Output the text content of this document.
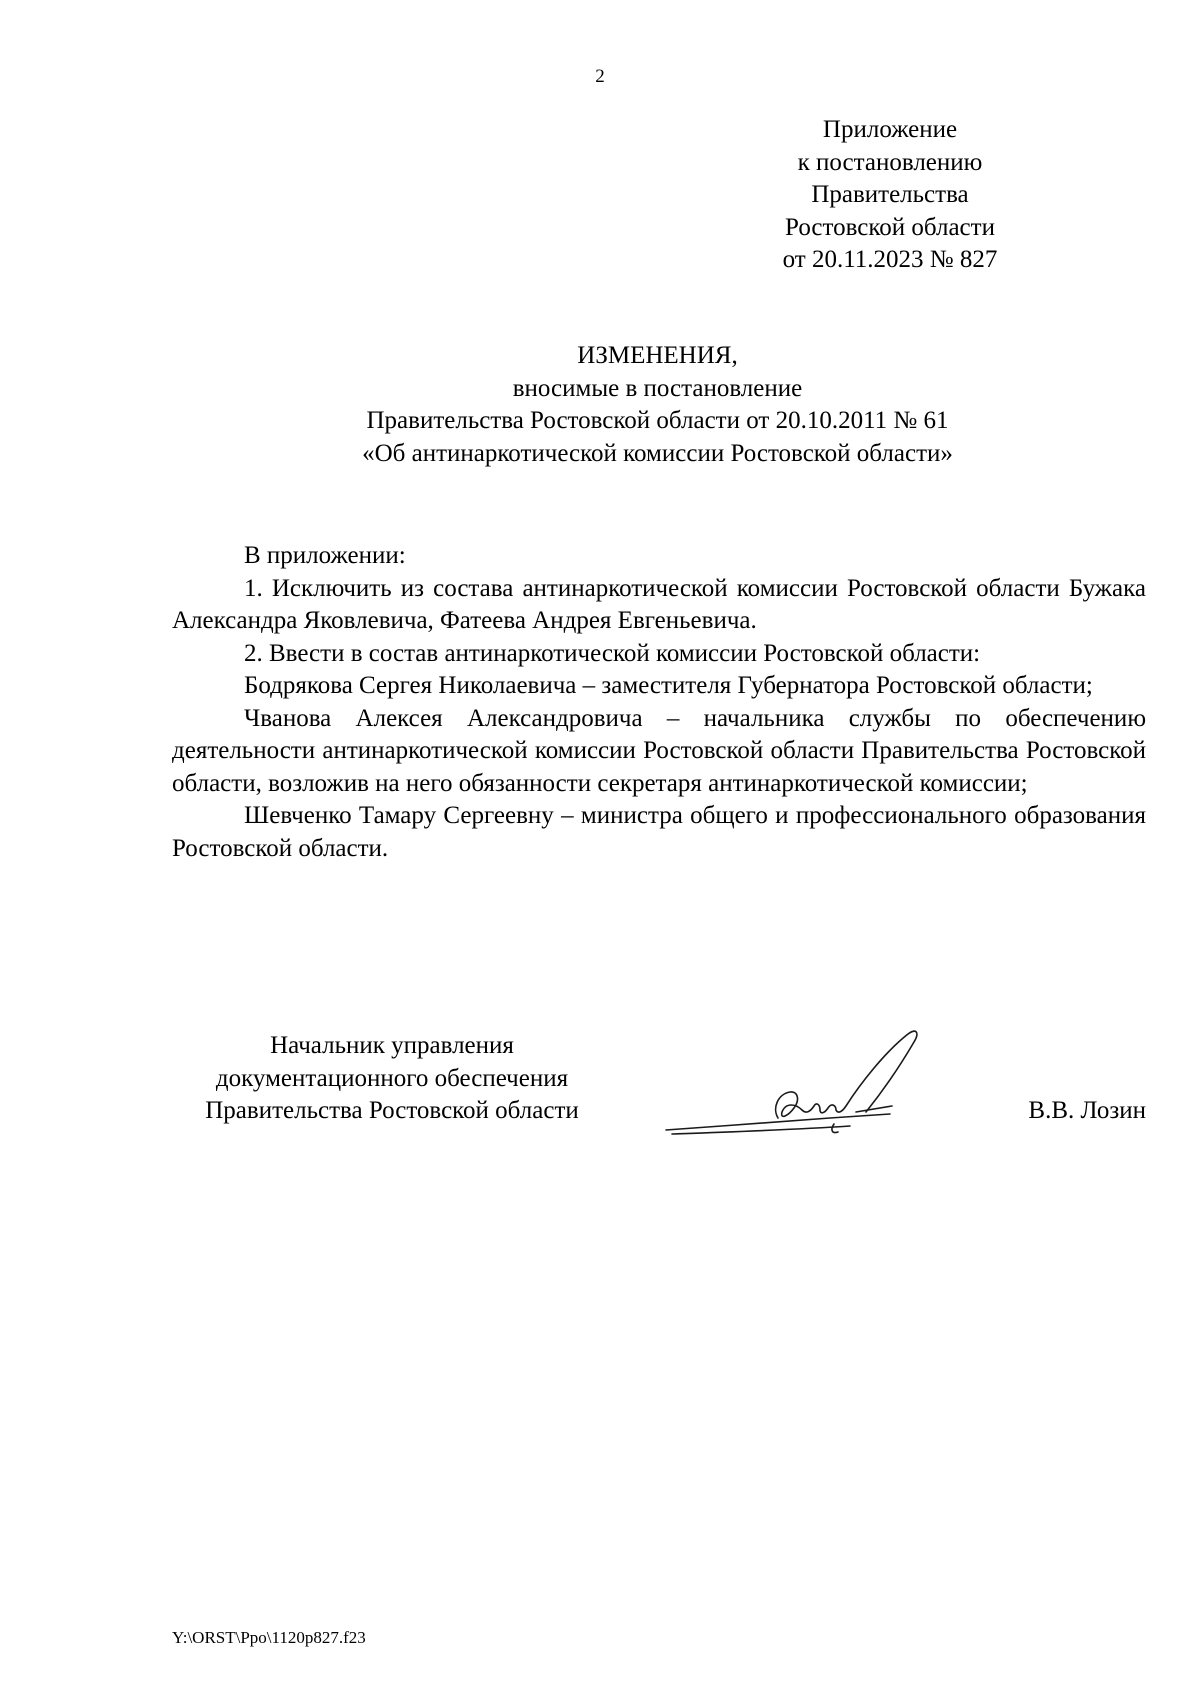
2
Приложение
к постановлению
Правительства
Ростовской области
от 20.11.2023 № 827
ИЗМЕНЕНИЯ,
вносимые в постановление
Правительства Ростовской области от 20.10.2011 № 61
«Об антинаркотической комиссии Ростовской области»

В приложении:

1. Исключить из состава антинаркотической комиссии Ростовской области Бужака Александра Яковлевича, Фатеева Андрея Евгеньевича.

2. Ввести в состав антинаркотической комиссии Ростовской области:

Бодрякова Сергея Николаевича – заместителя Губернатора Ростовской области;

Чванова Алексея Александровича – начальника службы по обеспечению деятельности антинаркотической комиссии Ростовской области Правительства Ростовской области, возложив на него обязанности секретаря антинаркотической комиссии;

Шевченко Тамару Сергеевну – министра общего и профессионального образования Ростовской области.

Начальник управления
документационного обеспечения
Правительства Ростовской области	В.В. Лозин
Y:\ORST\Ppo\1120p827.f23
